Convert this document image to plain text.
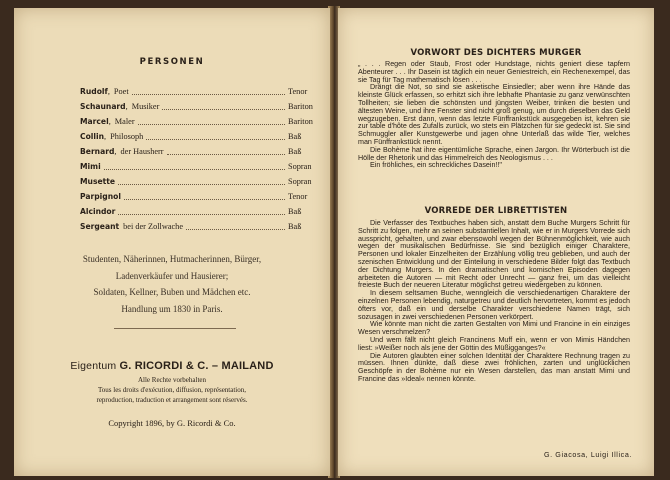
PERSONEN
Rudolf , Poet	Tenor
Schaunard , Musiker	Bariton
Marcel , Maler	Bariton
Collin , Philosoph	Baß
Bernard , der Hausherr	Baß
Mimi	Sopran
Musette	Sopran
Parpignol	Tenor
Alcindor	Baß
Sergeant bei der Zollwache	Baß
Studenten, Näherinnen, Hutmacherinnen, Bürger,
Ladenverkäufer und Hausierer;
Soldaten, Kellner, Buben und Mädchen etc.
Handlung um 1830 in Paris.
Eigentum G. RICORDI & C. – MAILAND
Alle Rechte vorbehalten
Tous les droits d'exécution, diffusion, représentation,
reproduction, traduction et arrangement sont réservés.
Copyright 1896, by G. Ricordi & Co.
VORWORT DES DICHTERS MURGER

„ . . . Regen oder Staub, Frost oder Hundstage, nichts geniert diese tapfern Abenteurer . . . Ihr Dasein ist täglich ein neuer Geniestreich, ein Rechenexempel, das sie Tag für Tag mathematisch lösen . . .

Drängt die Not, so sind sie asketische Einsiedler; aber wenn ihre Hände das kleinste Glück erfassen, so erhitzt sich ihre lebhafte Phantasie zu ganz verwünschten Tollheiten; sie lieben die schönsten und jüngsten Weiber, trinken die besten und ältesten Weine, und ihre Fenster sind nicht groß genug, um durch dieselben das Geld wegzugeben. Erst dann, wenn das letzte Fünffrankstück ausgegeben ist, kehren sie zur table d'hôte des Zufalls zurück, wo stets ein Plätzchen für sie gedeckt ist. Sie sind Schmuggler aller Kunstgewerbe und jagen ohne Unterlaß das wilde Tier, welches man Fünffrankstück nennt.

Die Bohème hat ihre eigentümliche Sprache, einen Jargon. Ihr Wörterbuch ist die Hölle der Rhetorik und das Himmelreich des Neologismus . . .

Ein fröhliches, ein schreckliches Dasein!!"

VORREDE DER LIBRETTISTEN

Die Verfasser des Textbuches haben sich, anstatt dem Buche Murgers Schritt für Schritt zu folgen, mehr an seinen substantiellen Inhalt, wie er in Murgers Vorrede sich ausspricht, gehalten, und zwar ebensowohl wegen der Bühnenmöglichkeit, wie auch wegen der musikalischen Bedürfnisse. Sie sind bezüglich einiger Charaktere, Personen und lokaler Einzelheiten der Erzählung völlig treu geblieben, und auch der szenischen Entwicklung und der Einteilung in verschiedene Bilder folgt das Textbuch der Dichtung Murgers. In den dramatischen und komischen Episoden dagegen arbeiteten die Autoren — mit Recht oder Unrecht — ganz frei, um das vielleicht freieste Buch der neueren Literatur möglichst getreu wiedergeben zu können.

In diesem seltsamen Buche, wenngleich die verschiedenartigen Charaktere der einzelnen Personen lebendig, naturgetreu und deutlich hervortreten, kommt es jedoch öfters vor, daß ein und derselbe Charakter verschiedene Namen trägt, sich sozusagen in zwei verschiedenen Personen verkörpert.

Wie könnte man nicht die zarten Gestalten von Mimi und Francine in ein einziges Wesen verschmelzen?

Und wem fällt nicht gleich Francinens Muff ein, wenn er von Mimis Händchen liest: »Weißer noch als jene der Göttin des Müßigganges?«

Die Autoren glaubten einer solchen Identität der Charaktere Rechnung tragen zu müssen. Ihnen dünkte, daß diese zwei fröhlichen, zarten und unglücklichen Geschöpfe in der Bohème nur ein Wesen darstellen, das man anstatt Mimi und Francine das »Ideal« nennen könnte.

G. Giacosa, Luigi Illica.
